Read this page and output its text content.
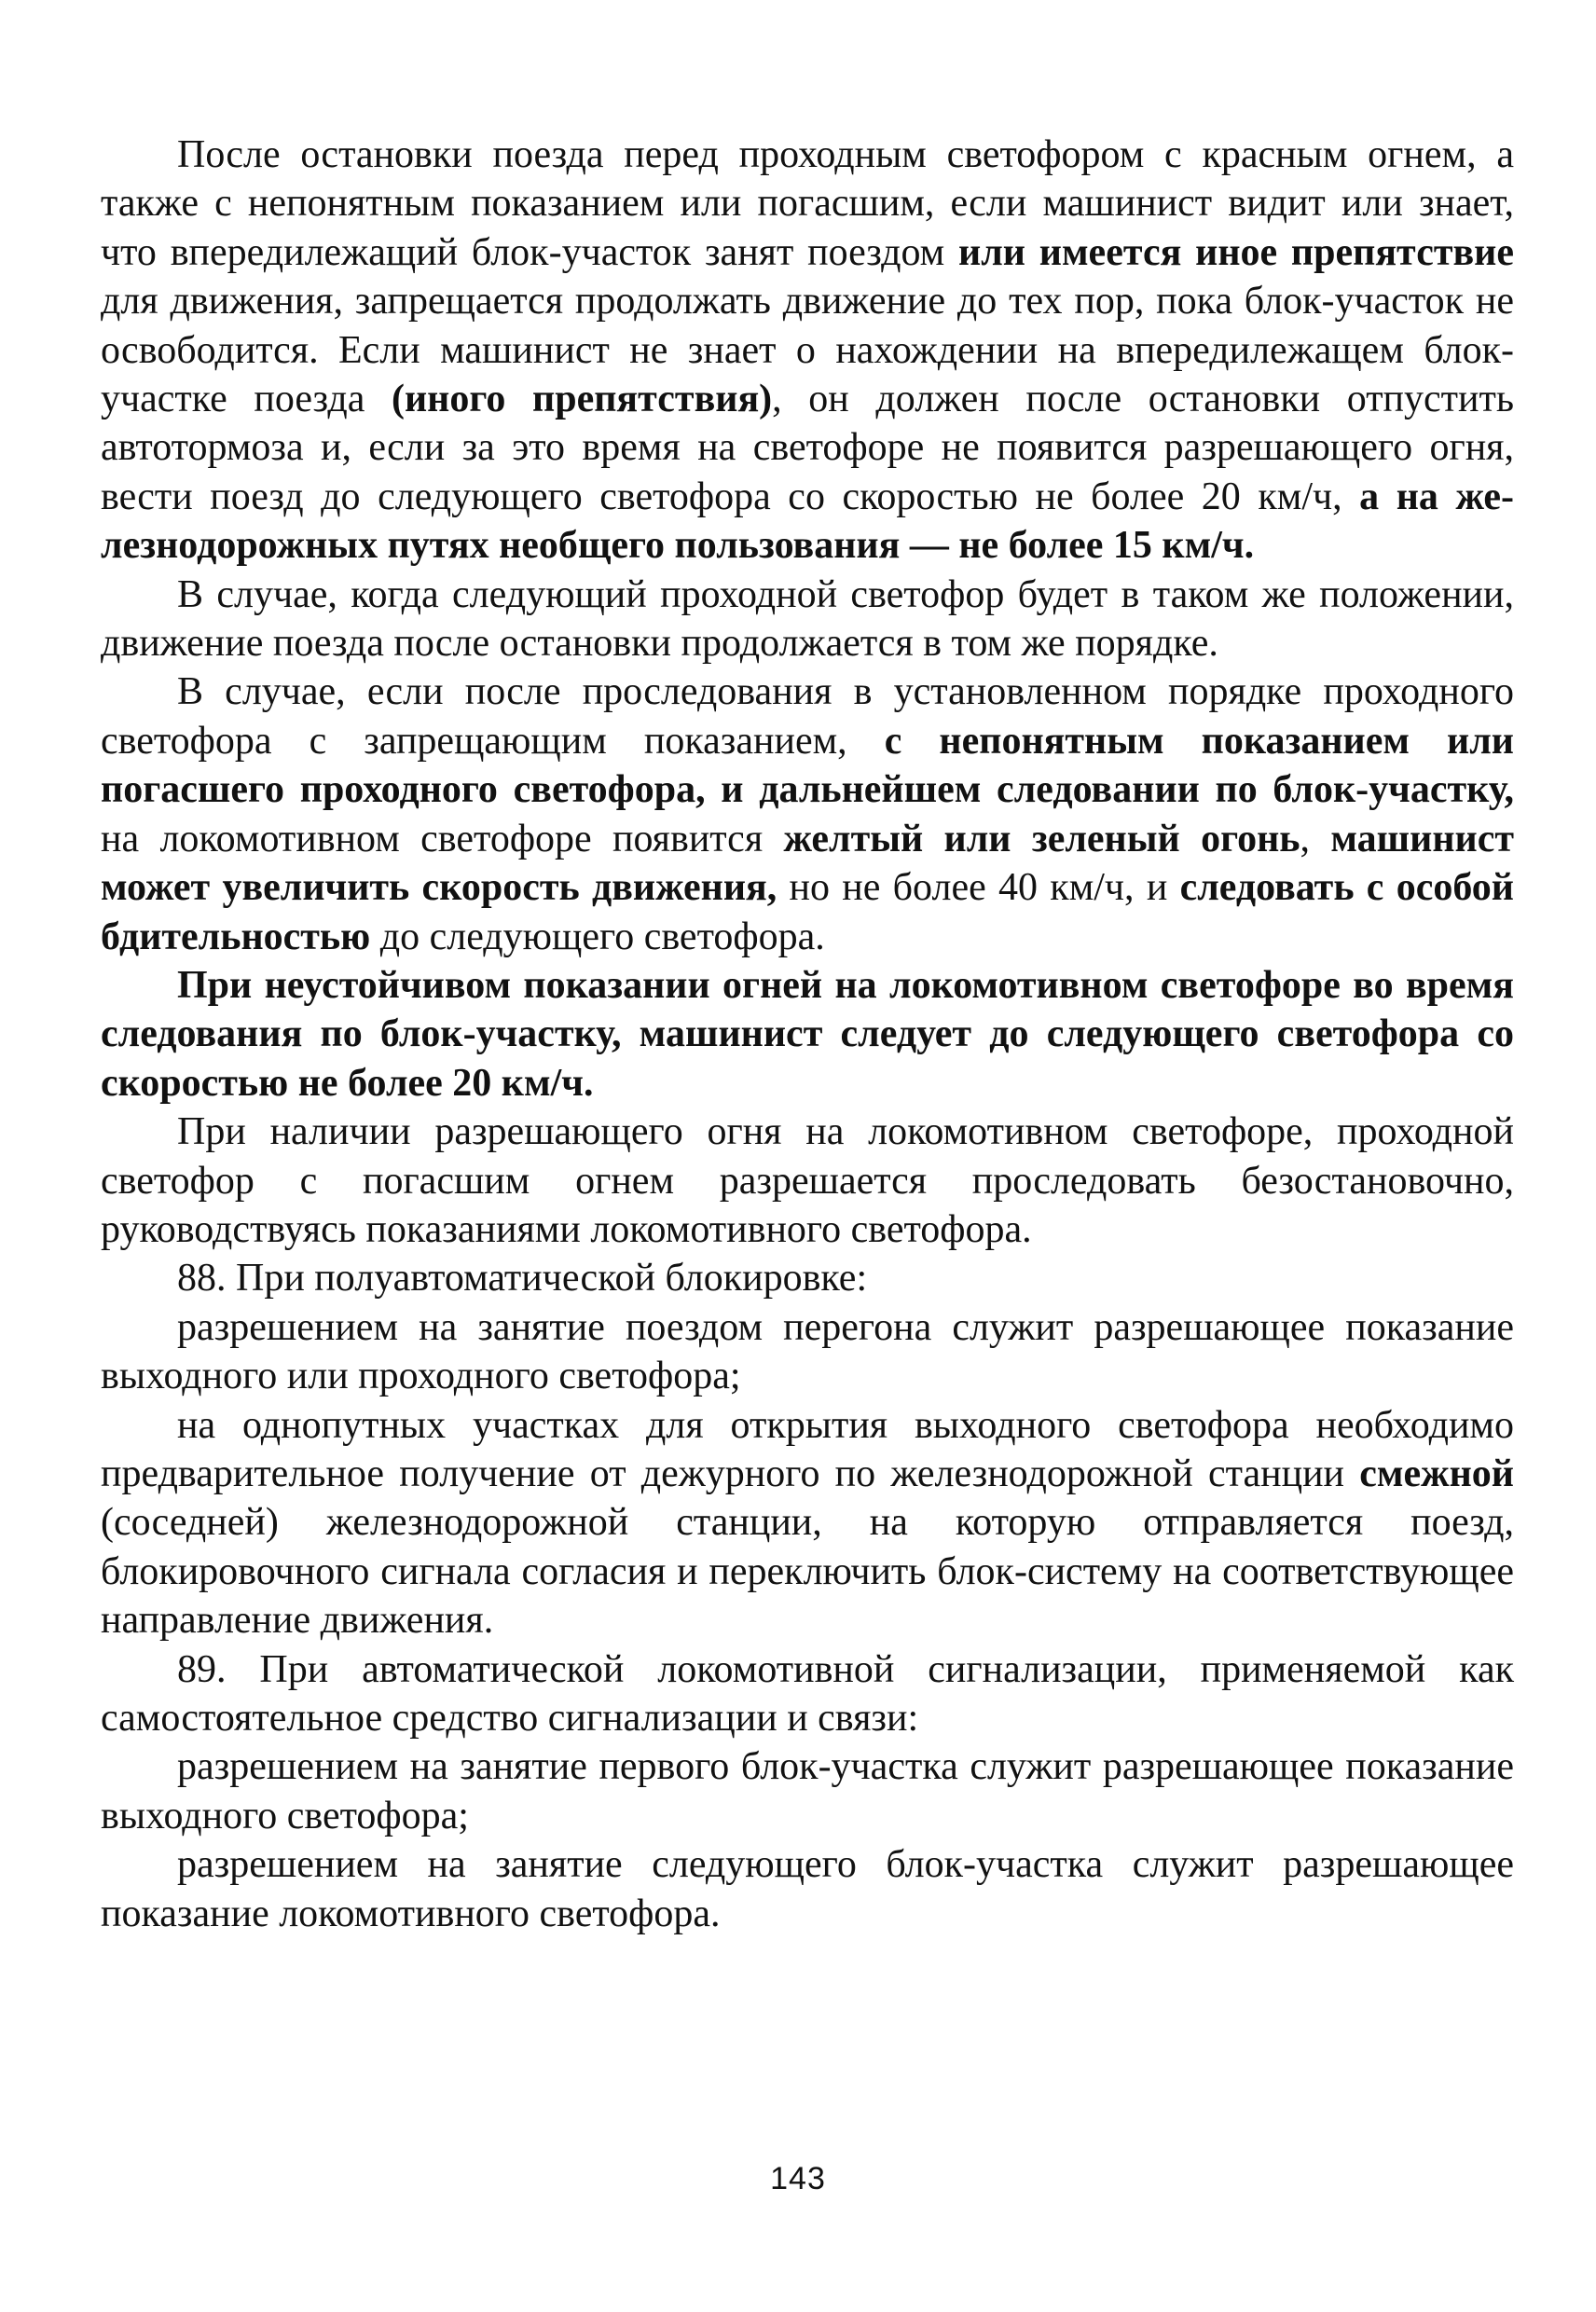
После остановки поезда перед проходным светофором с красным огнем, а также с непонятным показанием или погасшим, если машинист видит или знает, что впередилежащий блок-участок занят поездом или имеется иное препятствие для движения, запрещается продолжать движение до тех пор, пока блок-участок не освободится. Если машинист не знает о нахождении на впередилежащем блок-участке поезда (иного препятствия), он должен после остановки отпустить автотормоза и, если за это время на светофоре не появится разрешающего огня, вести поезд до следующего светофора со скоростью не более 20 км/ч, а на железнодорожных путях необщего пользования — не более 15 км/ч.

В случае, когда следующий проходной светофор будет в таком же положении, движение поезда после остановки продолжается в том же порядке.

В случае, если после проследования в установленном порядке проходного светофора с запрещающим показанием, с непонятным показанием или погасшего проходного светофора, и дальнейшем следовании по блок-участку, на локомотивном светофоре появится желтый или зеленый огонь, машинист может увеличить скорость движения, но не более 40 км/ч, и следовать с особой бдительностью до следующего светофора.

При неустойчивом показании огней на локомотивном светофоре во время следования по блок-участку, машинист следует до следующего светофора со скоростью не более 20 км/ч.

При наличии разрешающего огня на локомотивном светофоре, проходной светофор с погасшим огнем разрешается проследовать безостановочно, руководствуясь показаниями локомотивного светофора.

88. При полуавтоматической блокировке:

разрешением на занятие поездом перегона служит разрешающее показание выходного или проходного светофора;

на однопутных участках для открытия выходного светофора необходимо предварительное получение от дежурного по железнодорожной станции смежной (соседней) железнодорожной станции, на которую отправляется поезд, блокировочного сигнала согласия и переключить блок-систему на соответствующее направление движения.

89. При автоматической локомотивной сигнализации, применяемой как самостоятельное средство сигнализации и связи:

разрешением на занятие первого блок-участка служит разрешающее показание выходного светофора;

разрешением на занятие следующего блок-участка служит разрешающее показание локомотивного светофора.

143
